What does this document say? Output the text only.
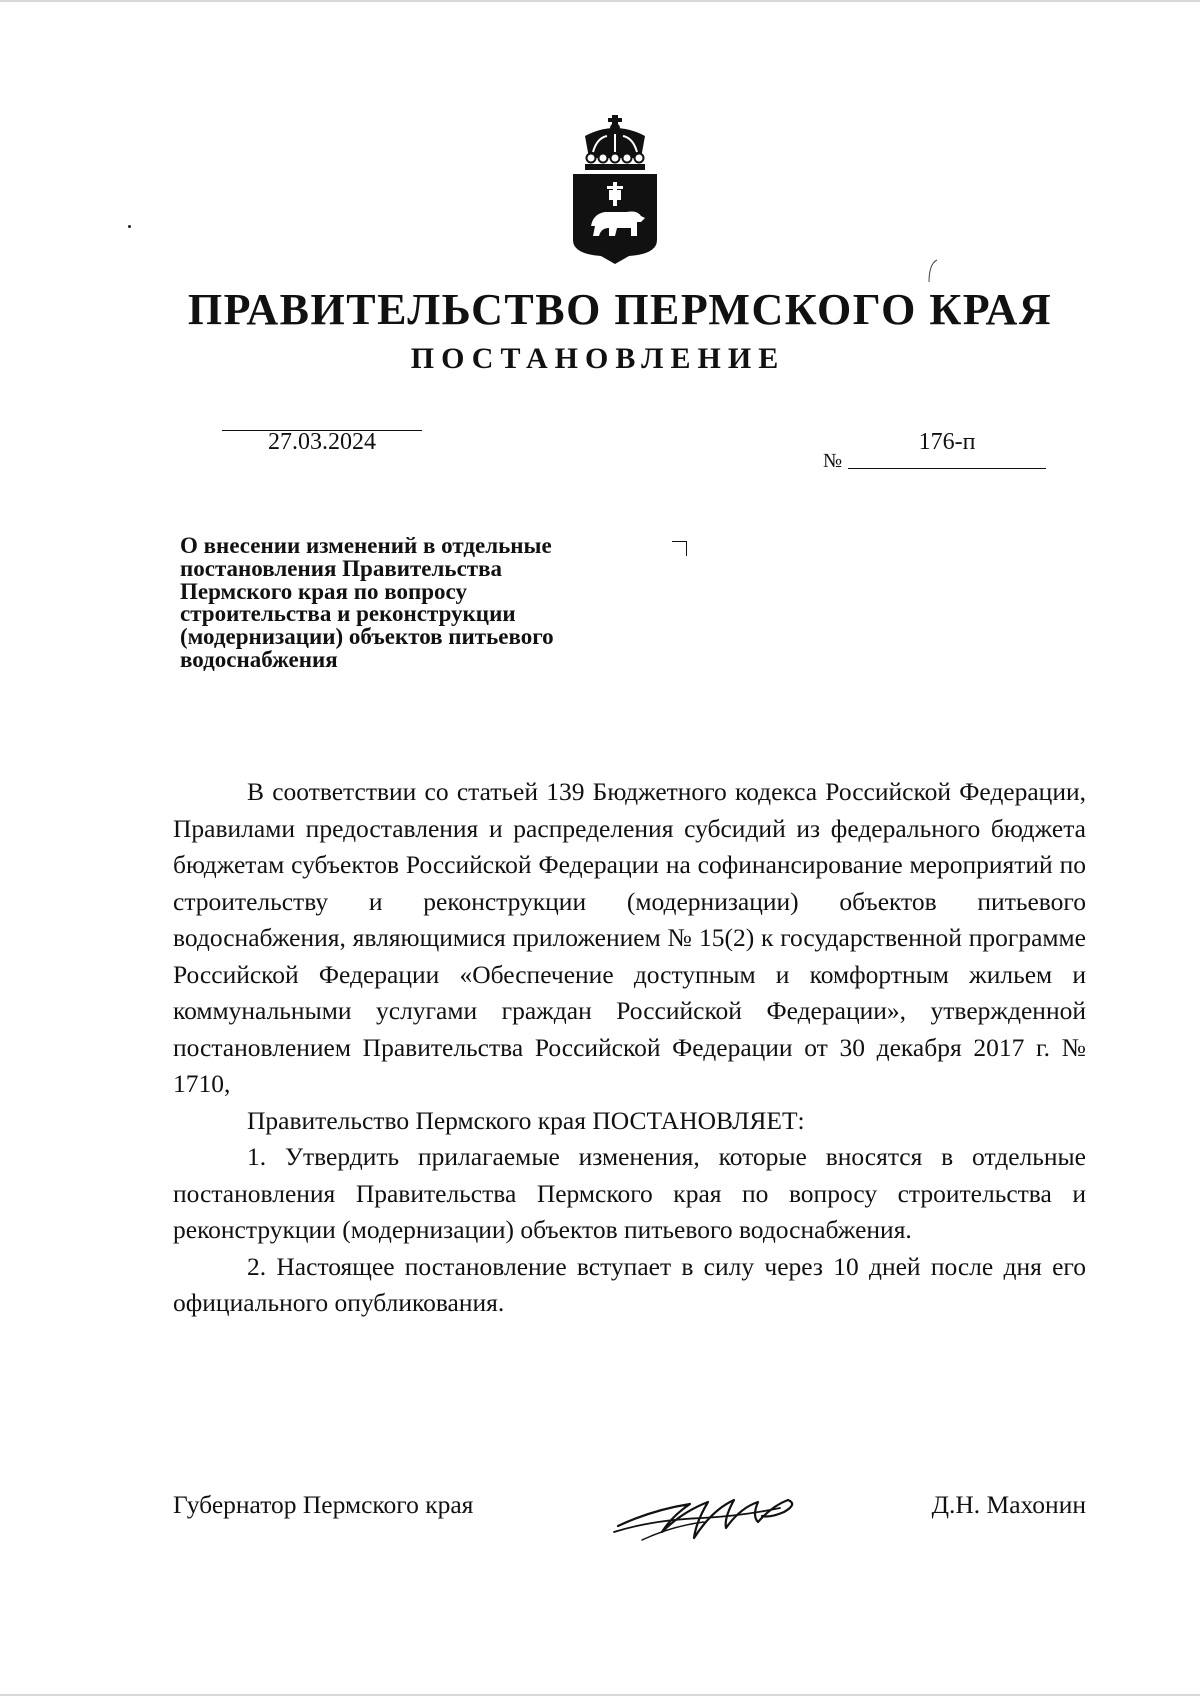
ПРАВИТЕЛЬСТВО ПЕРМСКОГО КРАЯ
ПОСТАНОВЛЕНИЕ
27.03.2024
№
176-п
О внесении изменений в отдельные
постановления Правительства
Пермского края по вопросу
строительства и реконструкции
(модернизации) объектов питьевого
водоснабжения

В соответствии со статьей 139 Бюджетного кодекса Российской Федерации, Правилами предоставления и распределения субсидий из федерального бюджета бюджетам субъектов Российской Федерации на софинансирование мероприятий по строительству и реконструкции (модернизации) объектов питьевого водоснабжения, являющимися приложением № 15(2) к государственной программе Российской Федерации «Обеспечение доступным и комфортным жильем и коммунальными услугами граждан Российской Федерации», утвержденной постановлением Правительства Российской Федерации от 30 декабря 2017 г. № 1710,

Правительство Пермского края ПОСТАНОВЛЯЕТ:

1. Утвердить прилагаемые изменения, которые вносятся в отдельные постановления Правительства Пермского края по вопросу строительства и реконструкции (модернизации) объектов питьевого водоснабжения.

2. Настоящее постановление вступает в силу через 10 дней после дня его официального опубликования.

Губернатор Пермского края	Д.Н. Махонин
